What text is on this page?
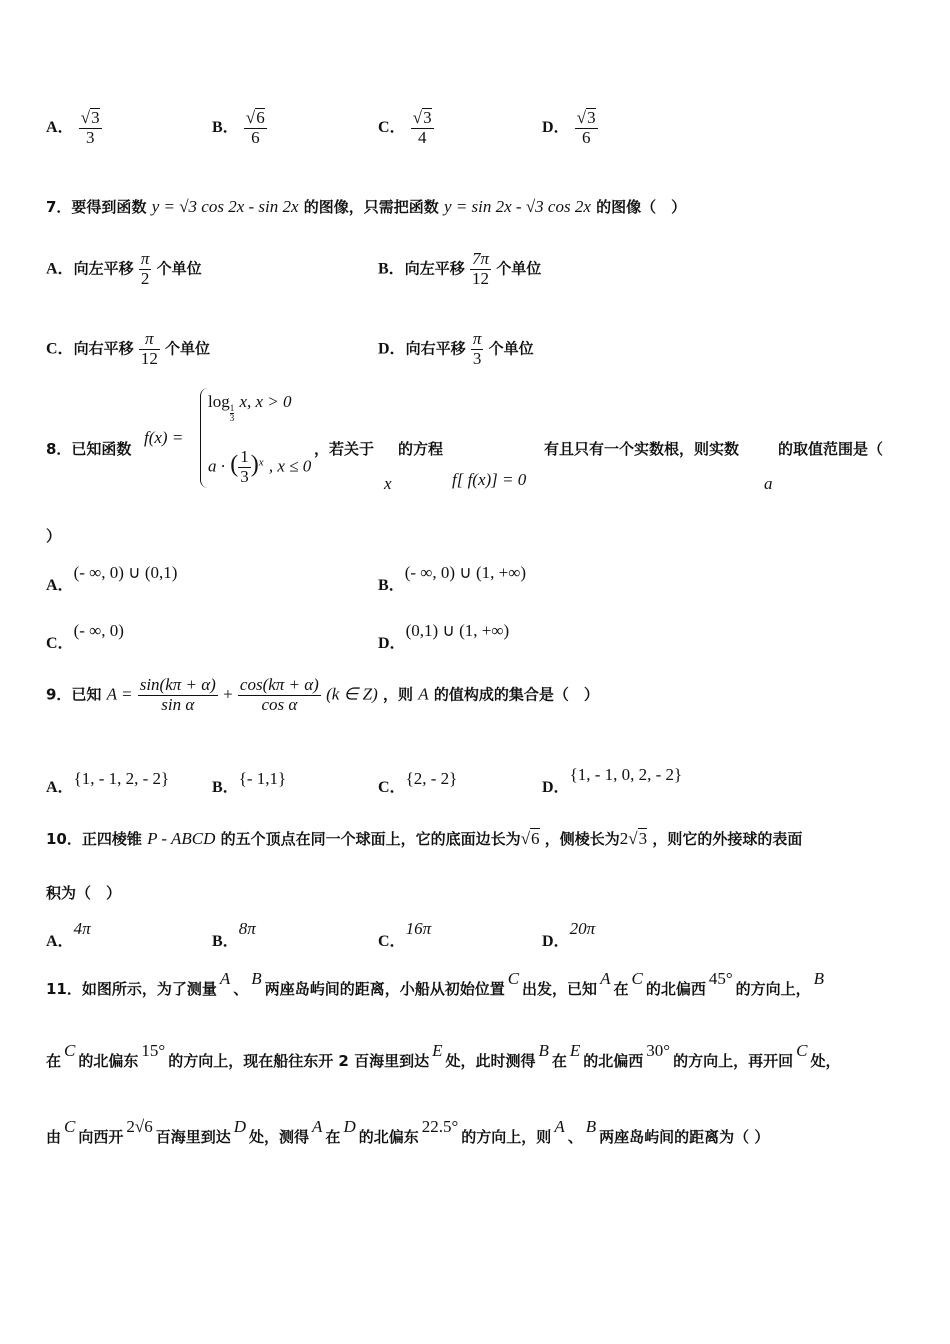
A． $\frac{√3}{3}$	B． $\frac{√6}{6}$	C． $\frac{√3}{4}$	D． $\frac{√3}{6}$
7．要得到函数 y = √3 cos 2x - sin 2x 的图像，只需把函数 y = sin 2x - √3 cos 2x 的图像（　）
A．向左平移 $\frac{\pi}{2}$ 个单位	B．向左平移 $\frac{7\pi}{12}$ 个单位
C．向右平移 $\frac{\pi}{12}$ 个单位	D．向右平移 $\frac{\pi}{3}$ 个单位
8．已知函数
f(x) =
log
$\frac{1}{3}$
x, x > 0
a · ( $\frac{1}{3} )^x$ , x ≤ 0
，若关于
x
的方程
f[ f(x)] = 0
有且只有一个实数根，则实数
a
的取值范围是（
）
A．(- ∞, 0) ∪ (0,1)
B．(- ∞, 0) ∪ (1, +∞)
C．(- ∞, 0)
D．(0,1) ∪ (1, +∞)
9．已知 $A = \frac{\sin(k\pi + \alpha)}{\text{sin α}} + \frac{\cos(k\pi + \alpha)}{\text{cos α}} (k$ ∈ Z) ，则 A 的值构成的集合是（　）
A．{1, - 1, 2, - 2}	B．{- 1,1}	C．{2, - 2}	D．{1, - 1, 0, 2, - 2}
10．正四棱锥 P - ABCD 的五个顶点在同一个球面上，它的底面边长为√6 ，侧棱长为2√3 ，则它的外接球的表面
积为（　）
A．4π
B．8π
C．16π
D．20π
11．如图所示，为了测量A、B两座岛屿间的距离，小船从初始位置C出发，已知A在C的北偏西45°的方向上，B
在C的北偏东15°的方向上，现在船往东开 2 百海里到达E处，此时测得B在E的北偏西30°的方向上，再开回C处，
由C向西开2√6百海里到达D处，测得A在D的北偏东22.5°的方向上，则A、B两座岛屿间的距离为（ ）
